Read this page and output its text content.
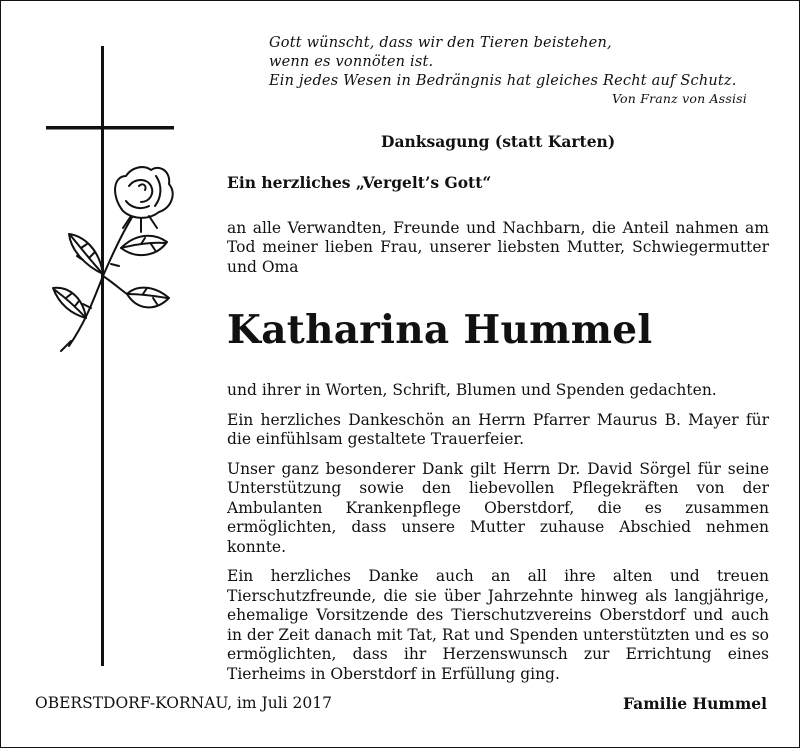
Gott wünscht, dass wir den Tieren beistehen,
wenn es vonnöten ist.
Ein jedes Wesen in Bedrängnis hat gleiches Recht auf Schutz.
Von Franz von Assisi
Danksagung (statt Karten)

Ein herzliches „Vergelt’s Gott“

an alle Verwandten, Freunde und Nachbarn, die Anteil nahmen am Tod meiner lieben Frau, unserer liebsten Mutter, Schwiegermutter und Oma

Katharina Hummel

und ihrer in Worten, Schrift, Blumen und Spenden gedachten.

Ein herzliches Dankeschön an Herrn Pfarrer Maurus B. Mayer für die einfühlsam gestaltete Trauerfeier.

Unser ganz besonderer Dank gilt Herrn Dr. David Sörgel für seine Unterstützung sowie den liebevollen Pflegekräften von der Ambulanten Krankenpflege Oberstdorf, die es zusammen ermöglichten, dass unsere Mutter zuhause Abschied nehmen konnte.

Ein herzliches Danke auch an all ihre alten und treuen Tierschutzfreunde, die sie über Jahrzehnte hinweg als langjährige, ehemalige Vorsitzende des Tierschutzvereins Oberstdorf und auch in der Zeit danach mit Tat, Rat und Spenden unterstützten und es so ermöglichten, dass ihr Herzenswunsch zur Errichtung eines Tierheims in Oberstdorf in Erfüllung ging.

OBERSTDORF-KORNAU, im Juli 2017	Familie Hummel
